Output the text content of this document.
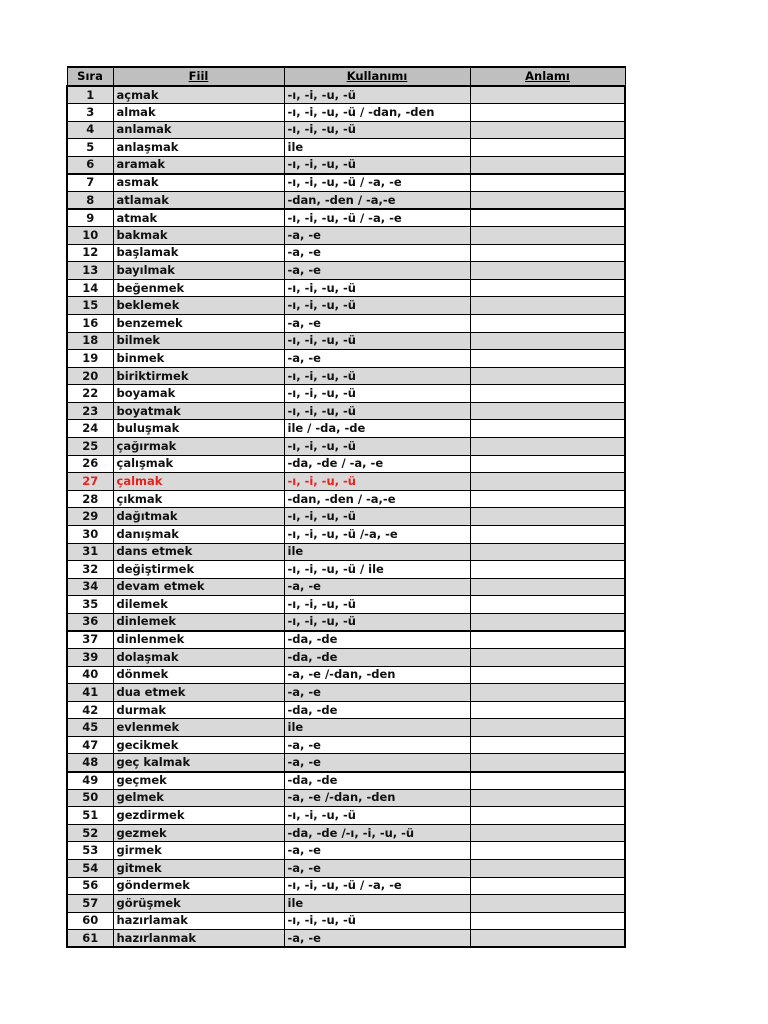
Sıra	Fiil	Kullanımı	Anlamı
1	açmak	-ı, -i, -u, -ü	
3	almak	-ı, -i, -u, -ü / -dan, -den	
4	anlamak	-ı, -i, -u, -ü	
5	anlaşmak	ile	
6	aramak	-ı, -i, -u, -ü	
7	asmak	-ı, -i, -u, -ü / -a, -e	
8	atlamak	-dan, -den / -a,-e	
9	atmak	-ı, -i, -u, -ü / -a, -e	
10	bakmak	-a, -e	
12	başlamak	-a, -e	
13	bayılmak	-a, -e	
14	beğenmek	-ı, -i, -u, -ü	
15	beklemek	-ı, -i, -u, -ü	
16	benzemek	-a, -e	
18	bilmek	-ı, -i, -u, -ü	
19	binmek	-a, -e	
20	biriktirmek	-ı, -i, -u, -ü	
22	boyamak	-ı, -i, -u, -ü	
23	boyatmak	-ı, -i, -u, -ü	
24	buluşmak	ile / -da, -de	
25	çağırmak	-ı, -i, -u, -ü	
26	çalışmak	-da, -de / -a, -e	
27	çalmak	-ı, -i, -u, -ü	
28	çıkmak	-dan, -den / -a,-e	
29	dağıtmak	-ı, -i, -u, -ü	
30	danışmak	-ı, -i, -u, -ü /-a, -e	
31	dans etmek	ile	
32	değiştirmek	-ı, -i, -u, -ü / ile	
34	devam etmek	-a, -e	
35	dilemek	-ı, -i, -u, -ü	
36	dinlemek	-ı, -i, -u, -ü	
37	dinlenmek	-da, -de	
39	dolaşmak	-da, -de	
40	dönmek	-a, -e /-dan, -den	
41	dua etmek	-a, -e	
42	durmak	-da, -de	
45	evlenmek	ile	
47	gecikmek	-a, -e	
48	geç kalmak	-a, -e	
49	geçmek	-da, -de	
50	gelmek	-a, -e /-dan, -den	
51	gezdirmek	-ı, -i, -u, -ü	
52	gezmek	-da, -de /-ı, -i, -u, -ü	
53	girmek	-a, -e	
54	gitmek	-a, -e	
56	göndermek	-ı, -i, -u, -ü / -a, -e	
57	görüşmek	ile	
60	hazırlamak	-ı, -i, -u, -ü	
61	hazırlanmak	-a, -e	
